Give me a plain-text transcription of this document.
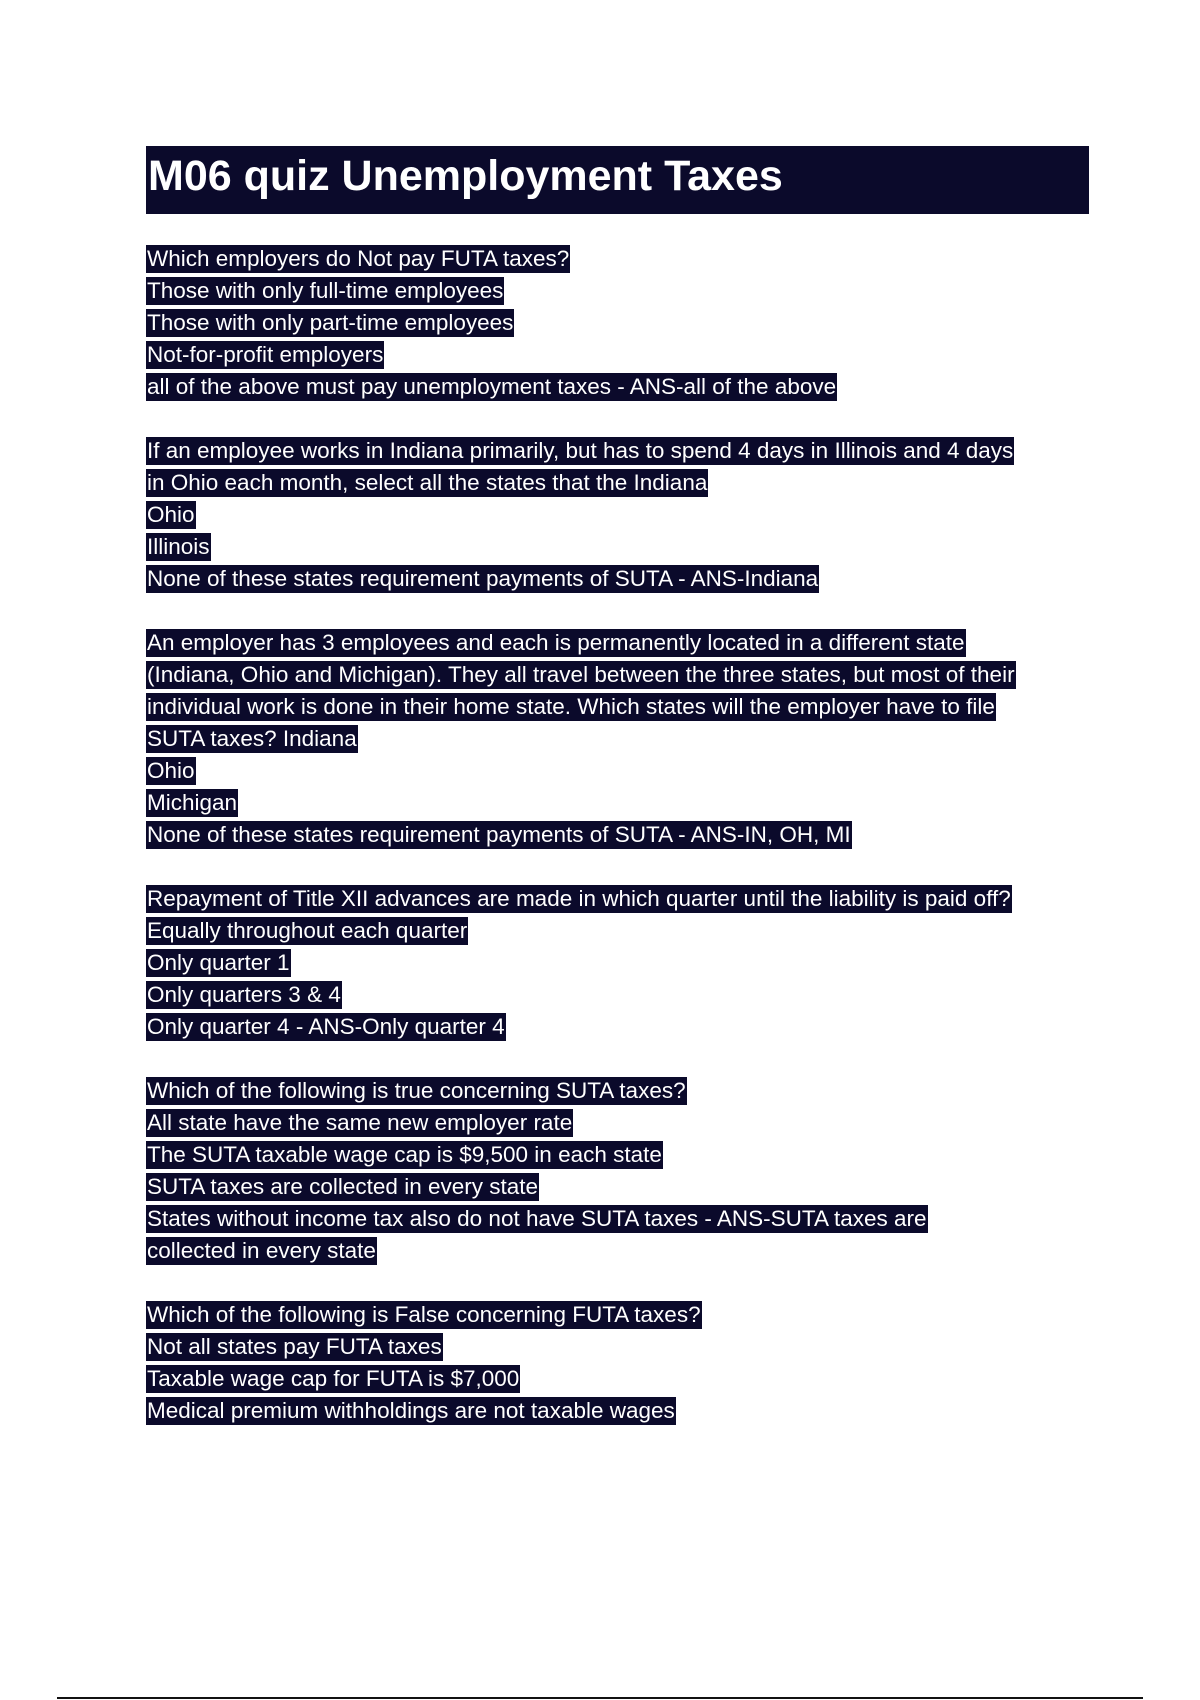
M06 quiz Unemployment Taxes
Which employers do Not pay FUTA taxes?
Those with only full-time employees
Those with only part-time employees
Not-for-profit employers
all of the above must pay unemployment taxes - ANS-all of the above
If an employee works in Indiana primarily, but has to spend 4 days in Illinois and 4 days
in Ohio each month, select all the states that the Indiana
Ohio
Illinois
None of these states requirement payments of SUTA - ANS-Indiana
An employer has 3 employees and each is permanently located in a different state
(Indiana, Ohio and Michigan). They all travel between the three states, but most of their
individual work is done in their home state. Which states will the employer have to file
SUTA taxes? Indiana
Ohio
Michigan
None of these states requirement payments of SUTA - ANS-IN, OH, MI
Repayment of Title XII advances are made in which quarter until the liability is paid off?
Equally throughout each quarter
Only quarter 1
Only quarters 3 & 4
Only quarter 4 - ANS-Only quarter 4
Which of the following is true concerning SUTA taxes?
All state have the same new employer rate
The SUTA taxable wage cap is $9,500 in each state
SUTA taxes are collected in every state
States without income tax also do not have SUTA taxes - ANS-SUTA taxes are
collected in every state
Which of the following is False concerning FUTA taxes?
Not all states pay FUTA taxes
Taxable wage cap for FUTA is $7,000
Medical premium withholdings are not taxable wages
